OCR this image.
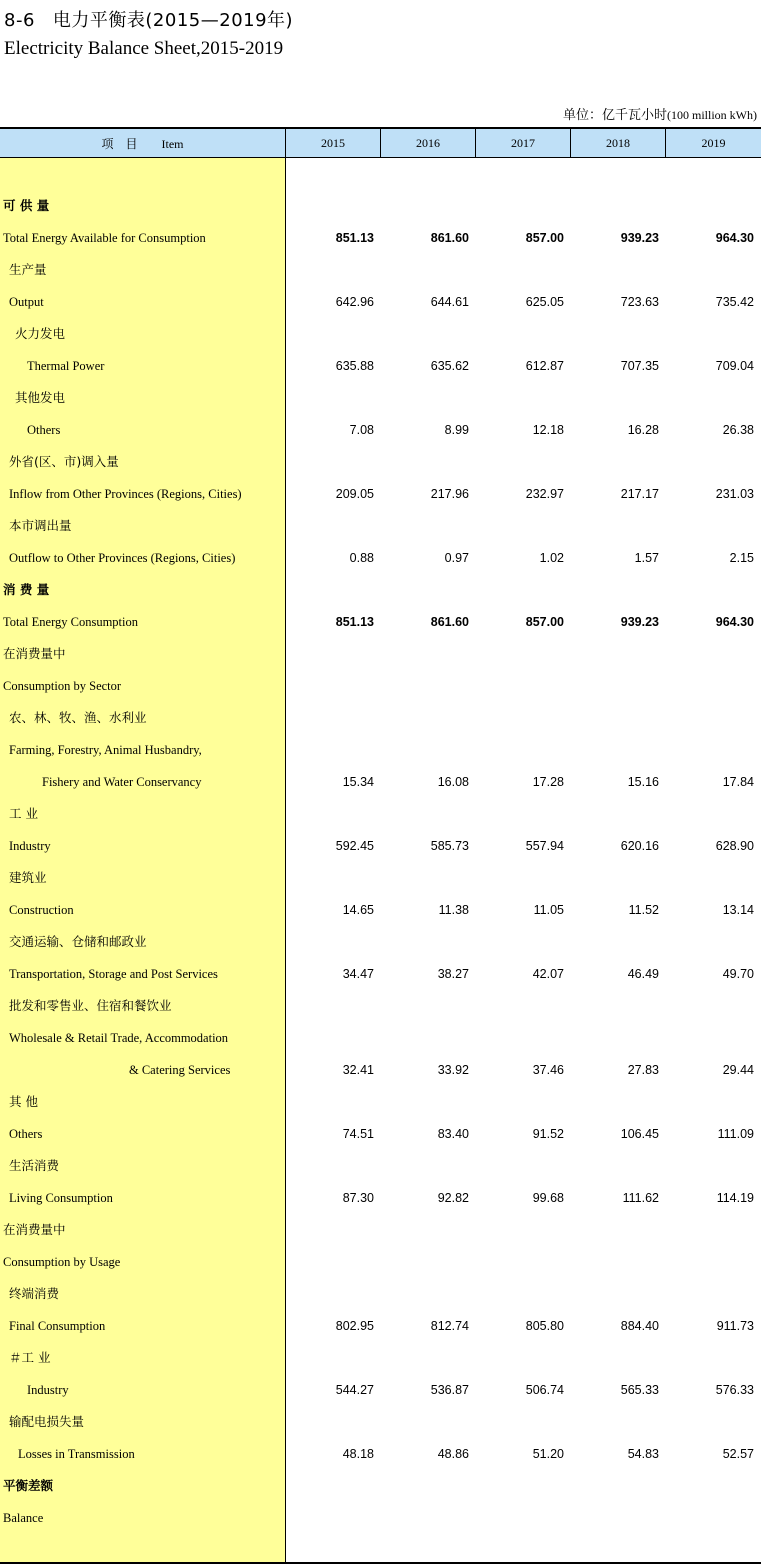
8-6 电力平衡表(2015—2019年)
Electricity Balance Sheet,2015-2019
单位：亿千瓦小时(100 million kWh)
项　目　　Item	2015	2016	2017	2018	2019
可 供 量
Total Energy Available for Consumption	851.13	861.60	857.00	939.23	964.30
生产量
Output	642.96	644.61	625.05	723.63	735.42
火力发电
Thermal Power	635.88	635.62	612.87	707.35	709.04
其他发电
Others	7.08	8.99	12.18	16.28	26.38
外省(区、市)调入量
Inflow from Other Provinces (Regions, Cities)	209.05	217.96	232.97	217.17	231.03
本市调出量
Outflow to Other Provinces (Regions, Cities)	0.88	0.97	1.02	1.57	2.15
消 费 量
Total Energy Consumption	851.13	861.60	857.00	939.23	964.30
在消费量中
Consumption by Sector
农、林、牧、渔、水利业
Farming, Forestry, Animal Husbandry,
Fishery and Water Conservancy	15.34	16.08	17.28	15.16	17.84
工 业
Industry	592.45	585.73	557.94	620.16	628.90
建筑业
Construction	14.65	11.38	11.05	11.52	13.14
交通运输、仓储和邮政业
Transportation, Storage and Post Services	34.47	38.27	42.07	46.49	49.70
批发和零售业、住宿和餐饮业
Wholesale & Retail Trade, Accommodation
& Catering Services	32.41	33.92	37.46	27.83	29.44
其 他
Others	74.51	83.40	91.52	106.45	111.09
生活消费
Living Consumption	87.30	92.82	99.68	111.62	114.19
在消费量中
Consumption by Usage
终端消费
Final Consumption	802.95	812.74	805.80	884.40	911.73
＃工 业
Industry	544.27	536.87	506.74	565.33	576.33
输配电损失量
Losses in Transmission	48.18	48.86	51.20	54.83	52.57
平衡差额
Balance
